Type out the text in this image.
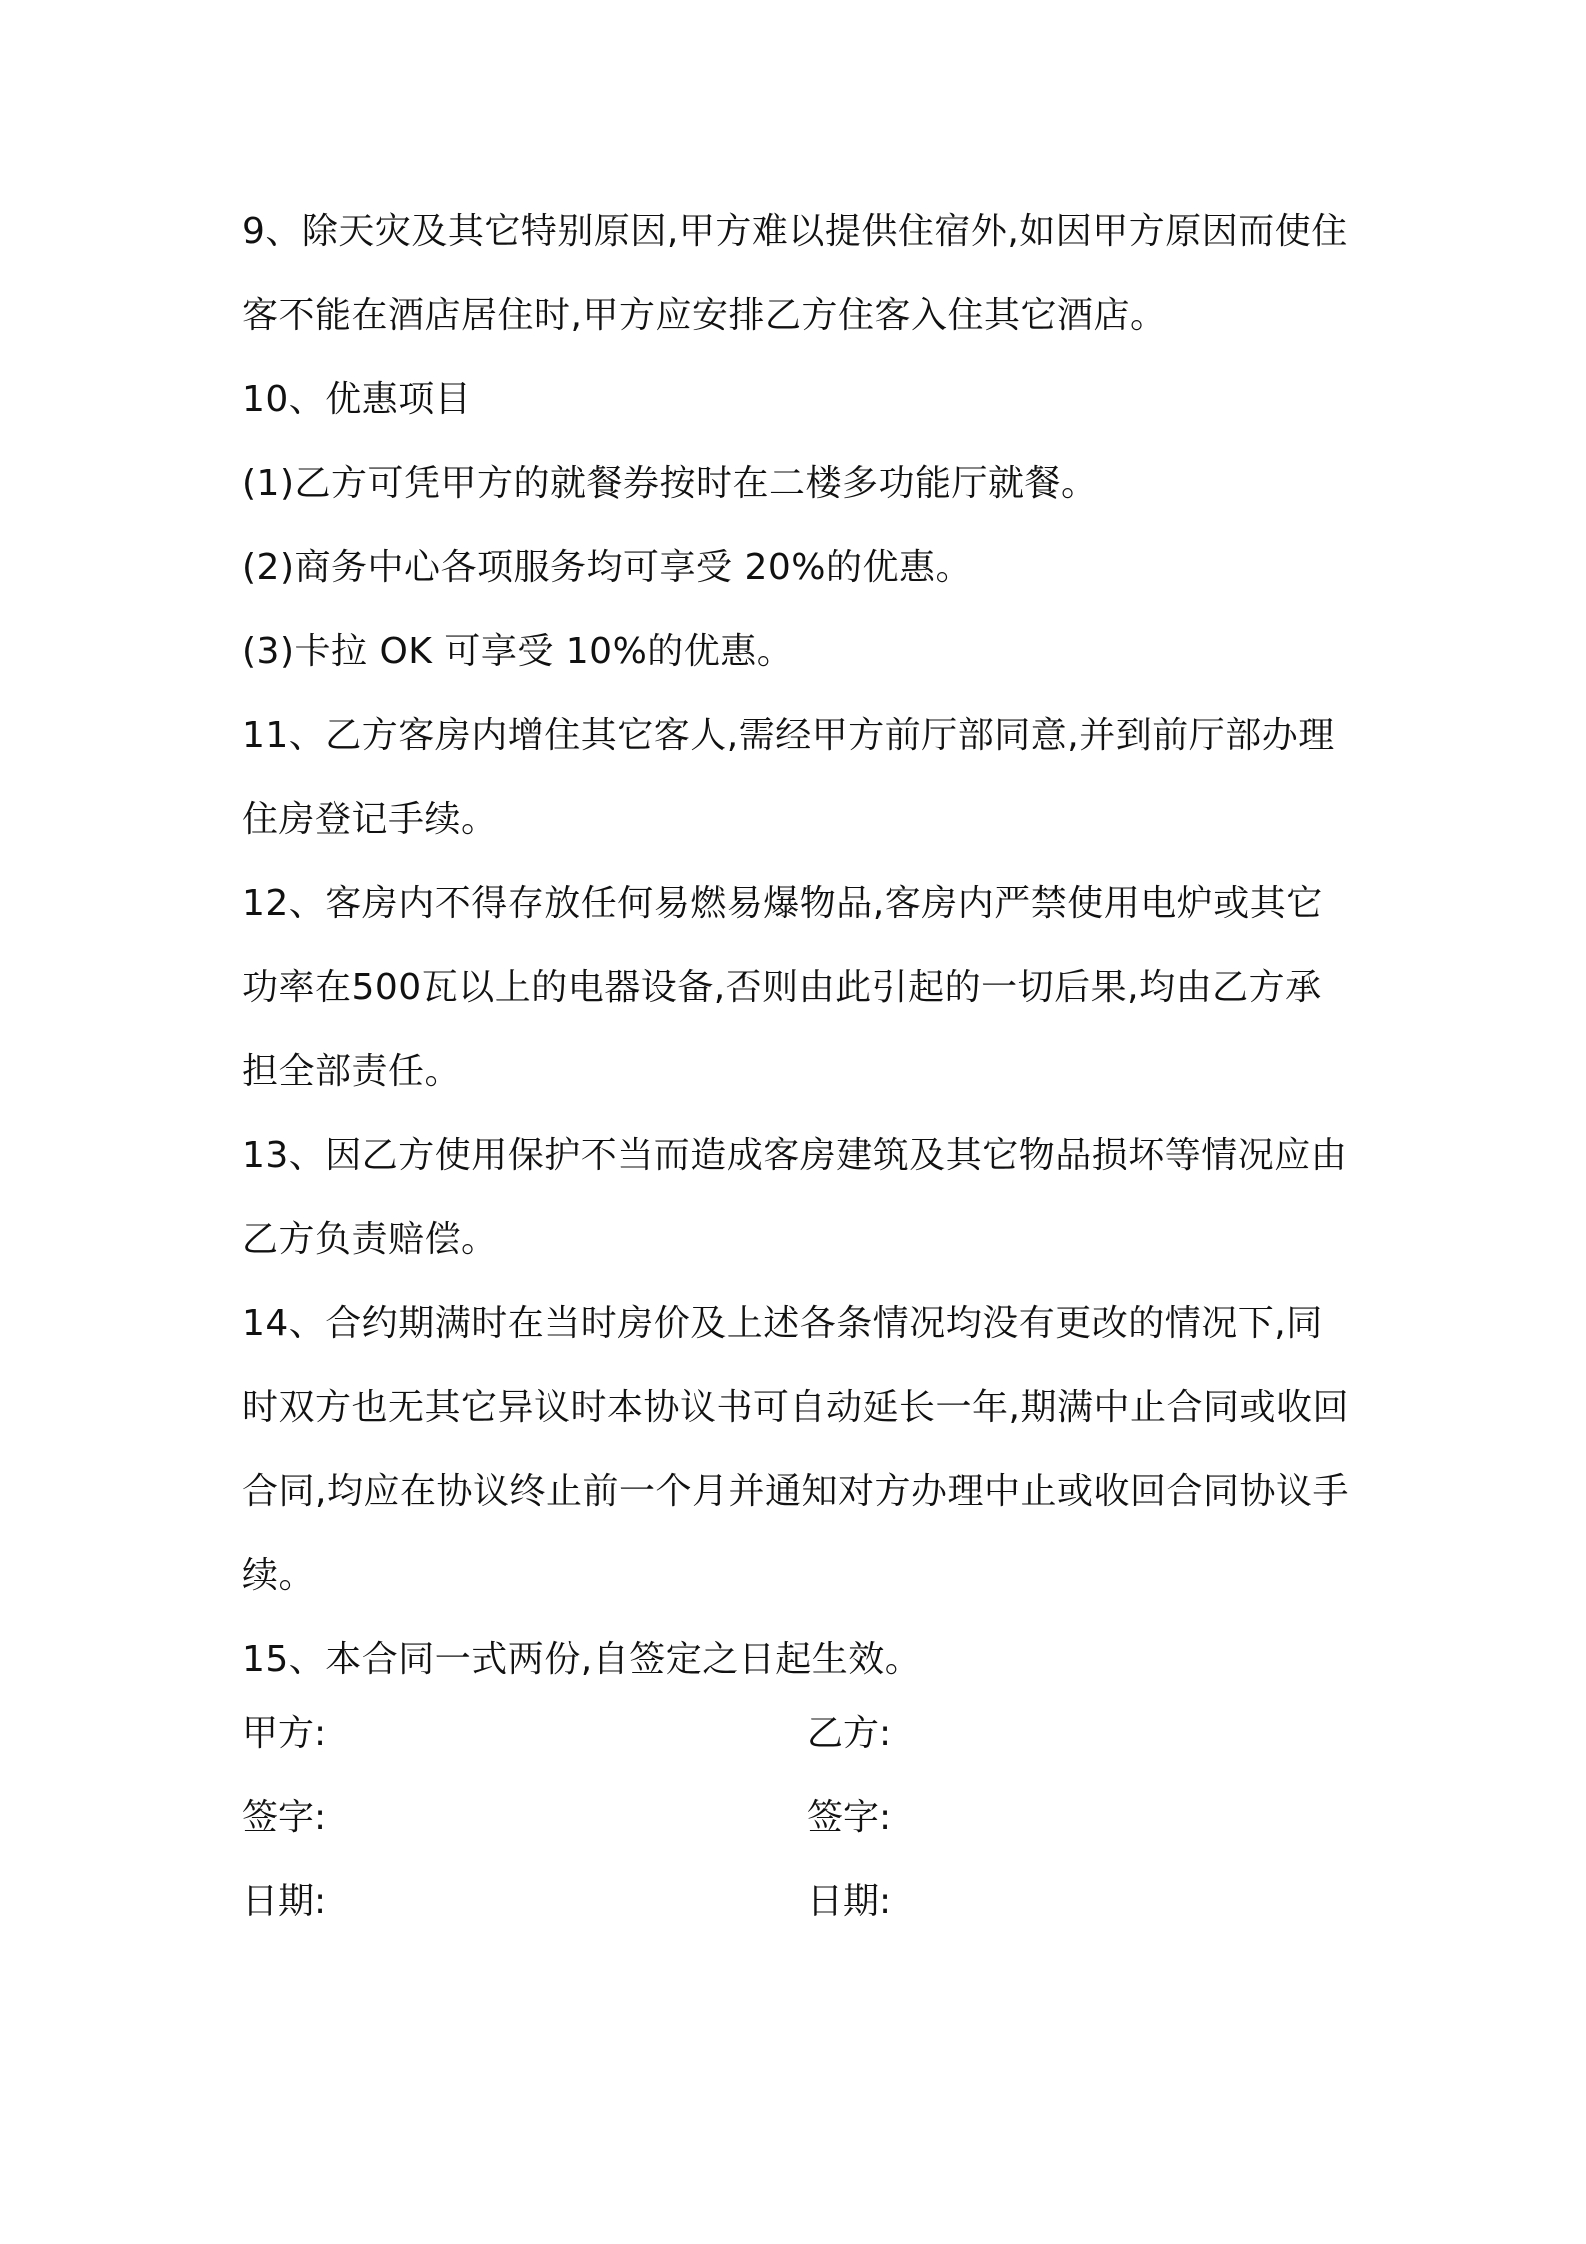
9、除天灾及其它特别原因,甲方难以提供住宿外,如因甲方原因而使住客不能在酒店居住时,甲方应安排乙方住客入住其它酒店。

10、优惠项目

(1)乙方可凭甲方的就餐券按时在二楼多功能厅就餐。

(2)商务中心各项服务均可享受 20%的优惠。

(3)卡拉 OK 可享受 10%的优惠。

11、乙方客房内增住其它客人,需经甲方前厅部同意,并到前厅部办理住房登记手续。

12、客房内不得存放任何易燃易爆物品,客房内严禁使用电炉或其它功率在500瓦以上的电器设备,否则由此引起的一切后果,均由乙方承担全部责任。

13、因乙方使用保护不当而造成客房建筑及其它物品损坏等情况应由乙方负责赔偿。

14、合约期满时在当时房价及上述各条情况均没有更改的情况下,同时双方也无其它异议时本协议书可自动延长一年,期满中止合同或收回合同,均应在协议终止前一个月并通知对方办理中止或收回合同协议手续。

15、本合同一式两份,自签定之日起生效。

甲方:	乙方:
签字:	签字:
日期:	日期:
